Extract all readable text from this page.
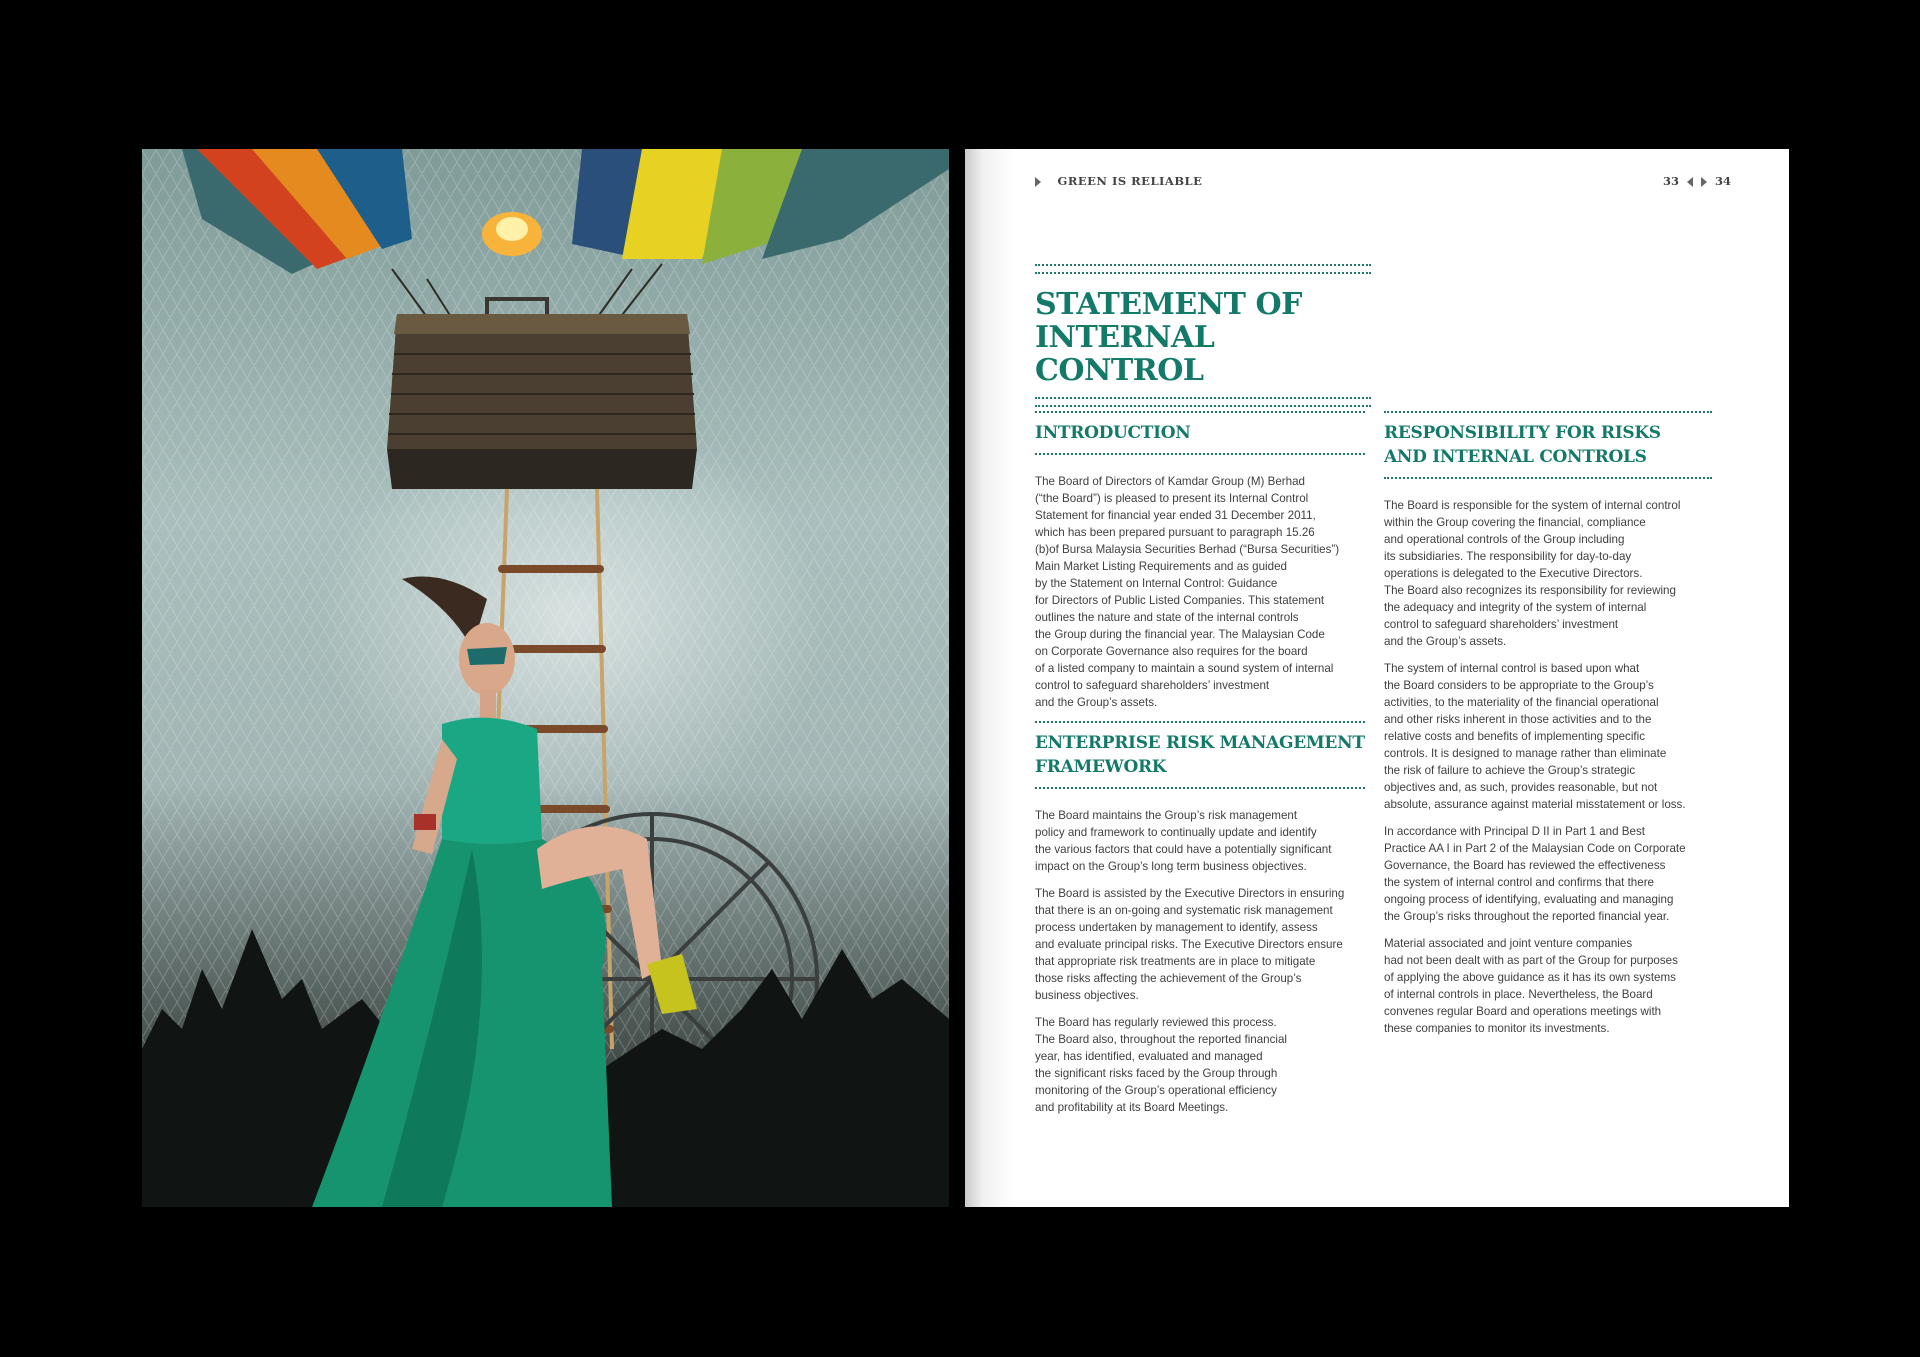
GREEN IS RELIABLE	33	34
STATEMENT OF
INTERNAL CONTROL
INTRODUCTION

The Board of Directors of Kamdar Group (M) Berhad
(“the Board”) is pleased to present its Internal Control
Statement for financial year ended 31 December 2011,
which has been prepared pursuant to paragraph 15.26
(b)of Bursa Malaysia Securities Berhad (“Bursa Securities”)
Main Market Listing Requirements and as guided
by the Statement on Internal Control: Guidance
for Directors of Public Listed Companies. This statement
outlines the nature and state of the internal controls
the Group during the financial year. The Malaysian Code
on Corporate Governance also requires for the board
of a listed company to maintain a sound system of internal
control to safeguard shareholders’ investment
and the Group’s assets.

ENTERPRISE RISK MANAGEMENT
FRAMEWORK

The Board maintains the Group’s risk management
policy and framework to continually update and identify
the various factors that could have a potentially significant
impact on the Group’s long term business objectives.

The Board is assisted by the Executive Directors in ensuring
that there is an on-going and systematic risk management
process undertaken by management to identify, assess
and evaluate principal risks. The Executive Directors ensure
that appropriate risk treatments are in place to mitigate
those risks affecting the achievement of the Group’s
business objectives.

The Board has regularly reviewed this process.
The Board also, throughout the reported financial
year, has identified, evaluated and managed
the significant risks faced by the Group through
monitoring of the Group’s operational efficiency
and profitability at its Board Meetings.

RESPONSIBILITY FOR RISKS
AND INTERNAL CONTROLS

The Board is responsible for the system of internal control
within the Group covering the financial, compliance
and operational controls of the Group including
its subsidiaries. The responsibility for day-to-day
operations is delegated to the Executive Directors.
The Board also recognizes its responsibility for reviewing
the adequacy and integrity of the system of internal
control to safeguard shareholders’ investment
and the Group’s assets.

The system of internal control is based upon what
the Board considers to be appropriate to the Group’s
activities, to the materiality of the financial operational
and other risks inherent in those activities and to the
relative costs and benefits of implementing specific
controls. It is designed to manage rather than eliminate
the risk of failure to achieve the Group’s strategic
objectives and, as such, provides reasonable, but not
absolute, assurance against material misstatement or loss.

In accordance with Principal D II in Part 1 and Best
Practice AA I in Part 2 of the Malaysian Code on Corporate
Governance, the Board has reviewed the effectiveness
the system of internal control and confirms that there
ongoing process of identifying, evaluating and managing
the Group’s risks throughout the reported financial year.

Material associated and joint venture companies
had not been dealt with as part of the Group for purposes
of applying the above guidance as it has its own systems
of internal controls in place. Nevertheless, the Board
convenes regular Board and operations meetings with
these companies to monitor its investments.
